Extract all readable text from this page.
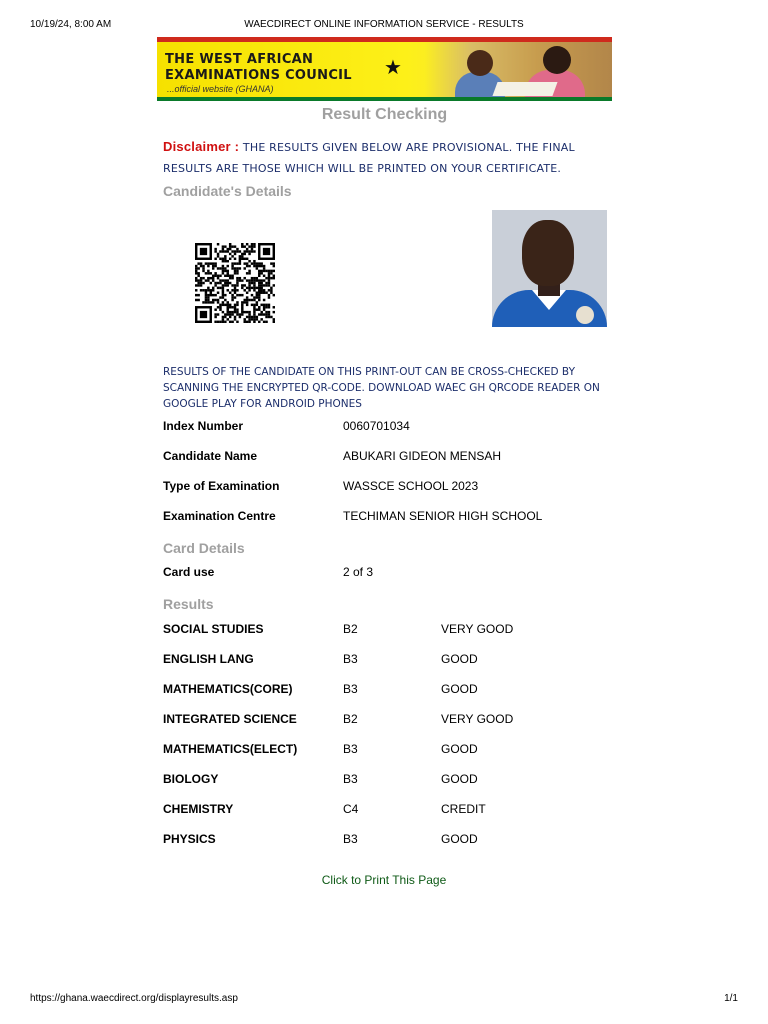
10/19/24, 8:00 AM	WAECDIRECT ONLINE INFORMATION SERVICE - RESULTS
THE WEST AFRICAN
EXAMINATIONS COUNCIL
...official website (GHANA)
★
Result Checking
Disclaimer : THE RESULTS GIVEN BELOW ARE PROVISIONAL. THE FINAL RESULTS ARE THOSE WHICH WILL BE PRINTED ON YOUR CERTIFICATE.
Candidate's Details
RESULTS OF THE CANDIDATE ON THIS PRINT-OUT CAN BE CROSS-CHECKED BY SCANNING THE ENCRYPTED QR-CODE. DOWNLOAD WAEC GH QRCODE READER ON GOOGLE PLAY FOR ANDROID PHONES
Index Number	0060701034
Candidate Name	ABUKARI GIDEON MENSAH
Type of Examination	WASSCE SCHOOL 2023
Examination Centre	TECHIMAN SENIOR HIGH SCHOOL
Card Details
Card use	2 of 3
Results
SOCIAL STUDIES	B2	VERY GOOD
ENGLISH LANG	B3	GOOD
MATHEMATICS(CORE)	B3	GOOD
INTEGRATED SCIENCE	B2	VERY GOOD
MATHEMATICS(ELECT)	B3	GOOD
BIOLOGY	B3	GOOD
CHEMISTRY	C4	CREDIT
PHYSICS	B3	GOOD
Click to Print This Page
https://ghana.waecdirect.org/displayresults.asp	1/1
